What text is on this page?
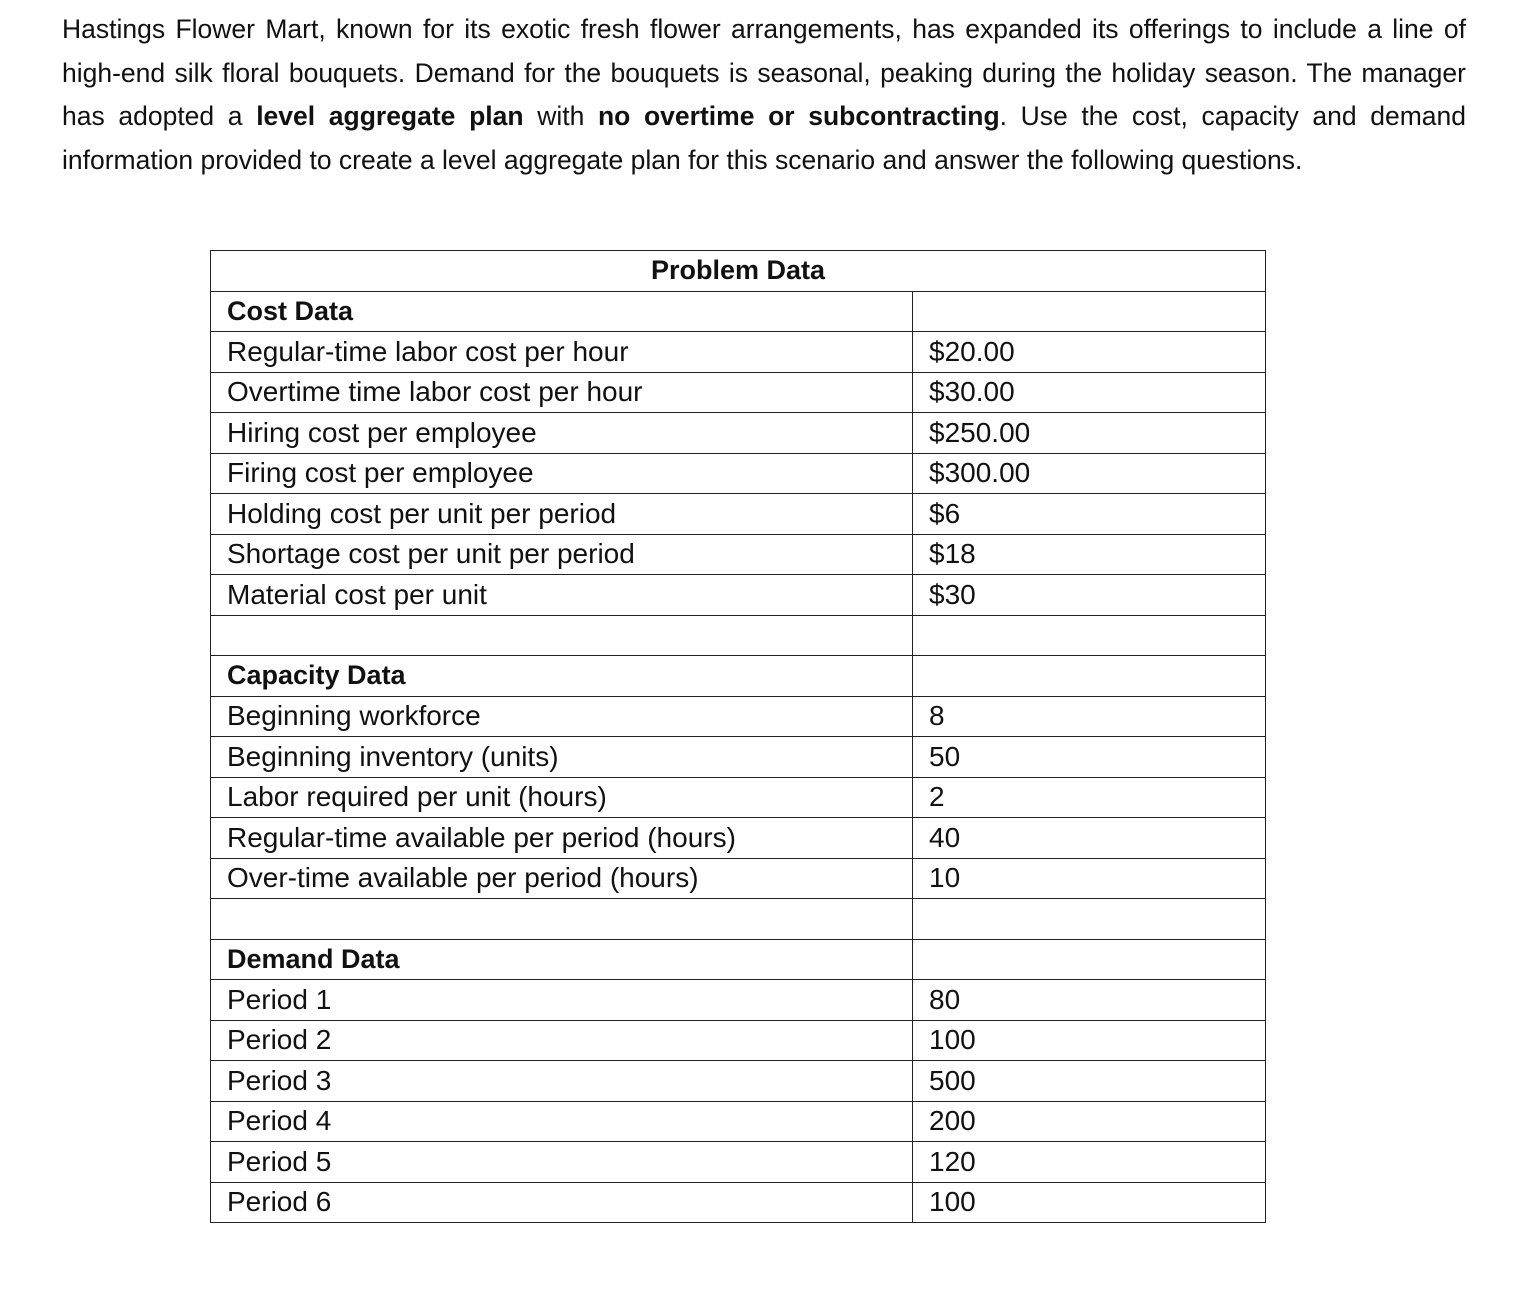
Hastings Flower Mart, known for its exotic fresh flower arrangements, has expanded its offerings to include a line of high-end silk floral bouquets. Demand for the bouquets is seasonal, peaking during the holiday season. The manager has adopted a level aggregate plan with no overtime or subcontracting. Use the cost, capacity and demand information provided to create a level aggregate plan for this scenario and answer the following questions.

Problem Data	
Cost Data	
Regular-time labor cost per hour	$20.00
Overtime time labor cost per hour	$30.00
Hiring cost per employee	$250.00
Firing cost per employee	$300.00
Holding cost per unit per period	$6
Shortage cost per unit per period	$18
Material cost per unit	$30

Capacity Data	
Beginning workforce	8
Beginning inventory (units)	50
Labor required per unit (hours)	2
Regular-time available per period (hours)	40
Over-time available per period (hours)	10

Demand Data	
Period 1	80
Period 2	100
Period 3	500
Period 4	200
Period 5	120
Period 6	100
